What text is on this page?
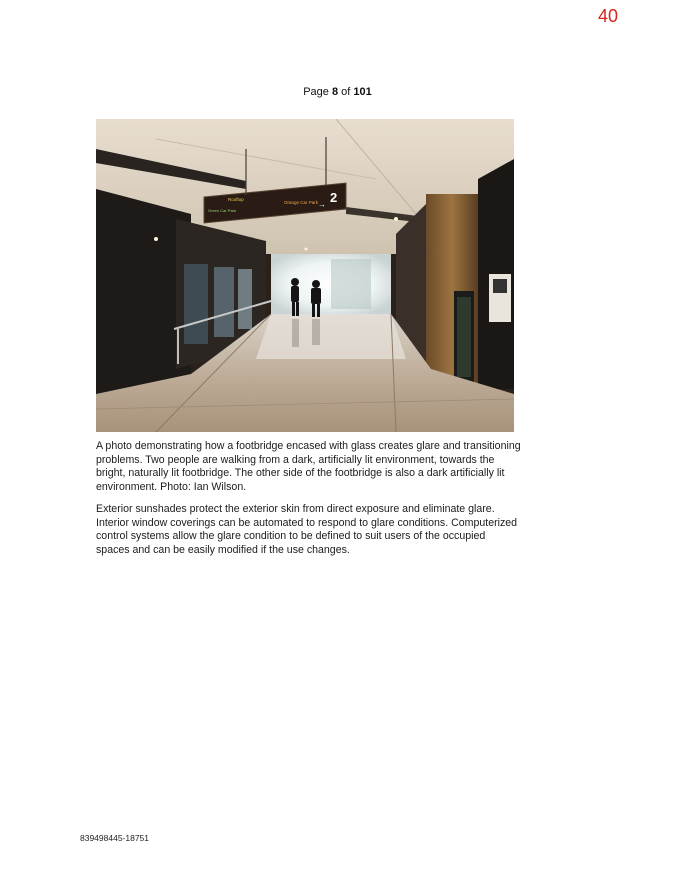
40
Page 8 of 101
Rooftop
Green Car Park
Orange Car Park → 2

A photo demonstrating how a footbridge encased with glass creates glare and transitioning problems. Two people are walking from a dark, artificially lit environment, towards the bright, naturally lit footbridge. The other side of the footbridge is also a dark artificially lit environment. Photo: Ian Wilson.

Exterior sunshades protect the exterior skin from direct exposure and eliminate glare. Interior window coverings can be automated to respond to glare conditions. Computerized control systems allow the glare condition to be defined to suit users of the occupied spaces and can be easily modified if the use changes.

839498445-18751
